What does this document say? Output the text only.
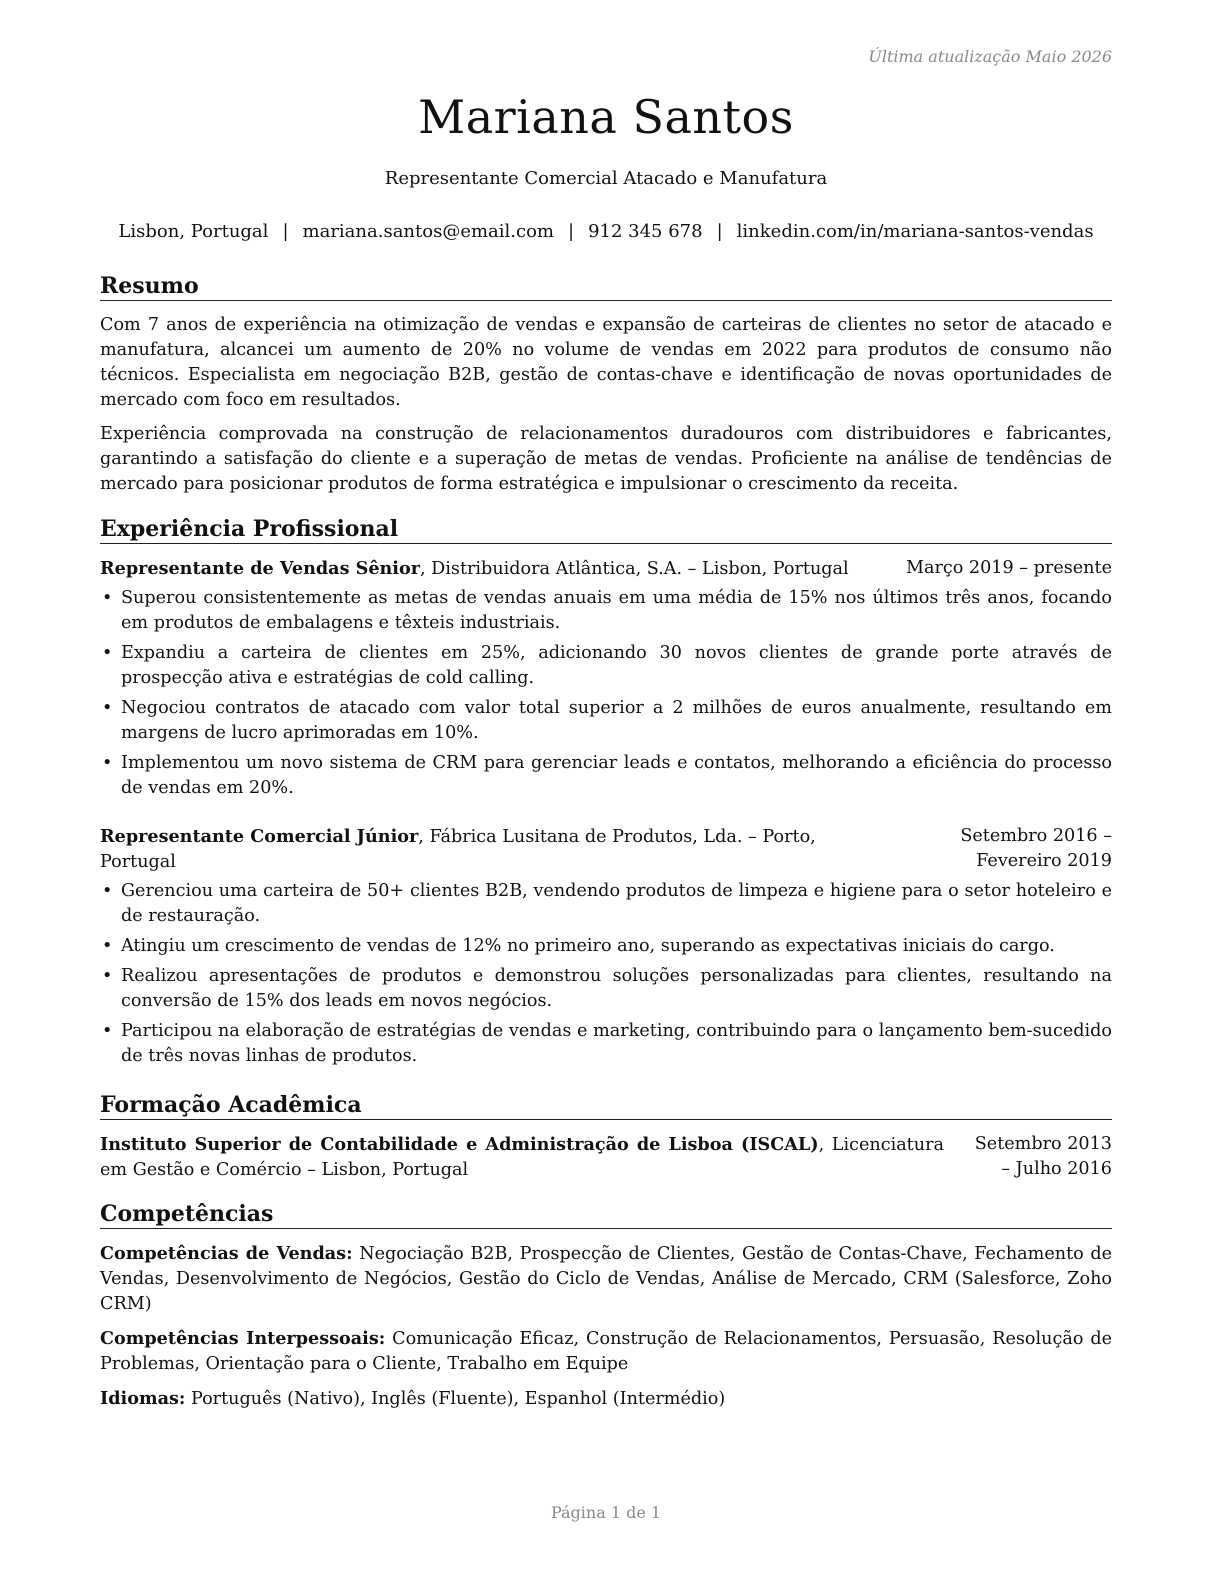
Última atualização Maio 2026
Mariana Santos
Representante Comercial Atacado e Manufatura
Lisbon, Portugal | mariana.santos@email.com | 912 345 678 | linkedin.com/in/mariana-santos-vendas
Resumo

Com 7 anos de experiência na otimização de vendas e expansão de carteiras de clientes no setor de atacado e manufatura, alcancei um aumento de 20% no volume de vendas em 2022 para produtos de consumo não técnicos. Especialista em negociação B2B, gestão de contas-chave e identificação de novas oportunidades de mercado com foco em resultados.

Experiência comprovada na construção de relacionamentos duradouros com distribuidores e fabricantes, garantindo a satisfação do cliente e a superação de metas de vendas. Proficiente na análise de tendências de mercado para posicionar produtos de forma estratégica e impulsionar o crescimento da receita.

Experiência Profissional
Representante de Vendas Sênior, Distribuidora Atlântica, S.A. – Lisbon, Portugal	Março 2019 – presente
• Superou consistentemente as metas de vendas anuais em uma média de 15% nos últimos três anos, focando em produtos de embalagens e têxteis industriais.
• Expandiu a carteira de clientes em 25%, adicionando 30 novos clientes de grande porte através de prospecção ativa e estratégias de cold calling.
• Negociou contratos de atacado com valor total superior a 2 milhões de euros anualmente, resultando em margens de lucro aprimoradas em 10%.
• Implementou um novo sistema de CRM para gerenciar leads e contatos, melhorando a eficiência do processo de vendas em 20%.
Representante Comercial Júnior, Fábrica Lusitana de Produtos, Lda. – Porto, Portugal
Setembro 2016 – Fevereiro 2019
• Gerenciou uma carteira de 50+ clientes B2B, vendendo produtos de limpeza e higiene para o setor hoteleiro e de restauração.
• Atingiu um crescimento de vendas de 12% no primeiro ano, superando as expectativas iniciais do cargo.
• Realizou apresentações de produtos e demonstrou soluções personalizadas para clientes, resultando na conversão de 15% dos leads em novos negócios.
• Participou na elaboração de estratégias de vendas e marketing, contribuindo para o lançamento bem-sucedido de três novas linhas de produtos.
Formação Acadêmica
Instituto Superior de Contabilidade e Administração de Lisboa (ISCAL), Licenciatura em Gestão e Comércio – Lisbon, Portugal
Setembro 2013 – Julho 2016
Competências

Competências de Vendas: Negociação B2B, Prospecção de Clientes, Gestão de Contas-Chave, Fechamento de Vendas, Desenvolvimento de Negócios, Gestão do Ciclo de Vendas, Análise de Mercado, CRM (Salesforce, Zoho CRM)

Competências Interpessoais: Comunicação Eficaz, Construção de Relacionamentos, Persuasão, Resolução de Problemas, Orientação para o Cliente, Trabalho em Equipe

Idiomas: Português (Nativo), Inglês (Fluente), Espanhol (Intermédio)

Página 1 de 1
